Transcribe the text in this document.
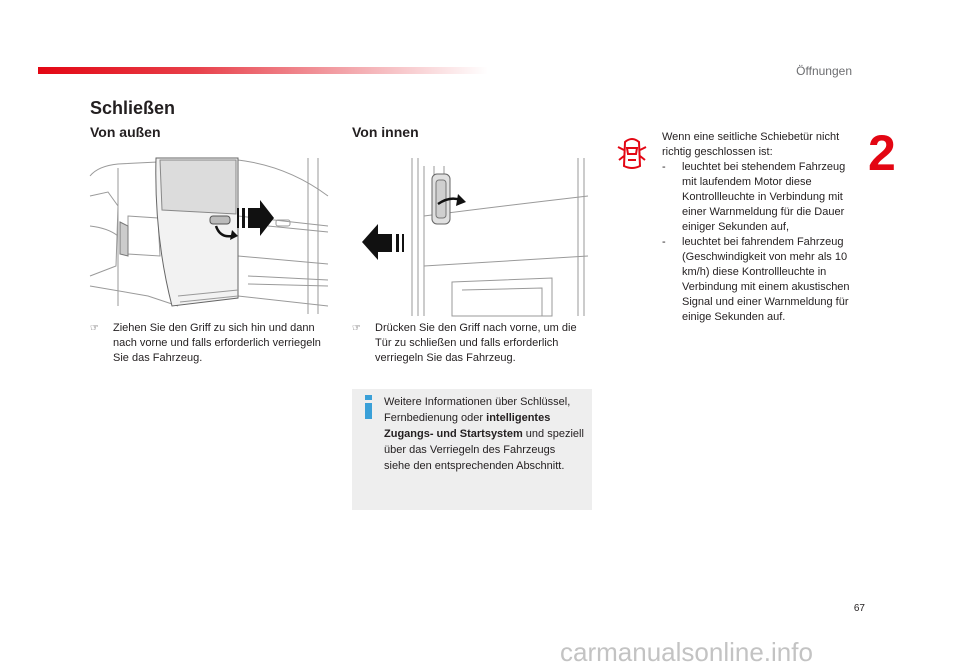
Öffnungen
2
Schließen
Von außen	Von innen
☞ Ziehen Sie den Griff zu sich hin und dann nach vorne und falls erforderlich verriegeln Sie das Fahrzeug.

☞ Drücken Sie den Griff nach vorne, um die Tür zu schließen und falls erforderlich verriegeln Sie das Fahrzeug.

Weitere Informationen über Schlüssel, Fernbedienung oder intelligentes Zugangs- und Startsystem und speziell über das Verriegeln des Fahrzeugs siehe den entsprechenden Abschnitt.

Wenn eine seitliche Schiebetür nicht richtig geschlossen ist:

- leuchtet bei stehendem Fahrzeug mit laufendem Motor diese Kontrollleuchte in Verbindung mit einer Warnmeldung für die Dauer einiger Sekunden auf,

- leuchtet bei fahrendem Fahrzeug (Geschwindigkeit von mehr als 10 km/h) diese Kontrollleuchte in Verbindung mit einem akustischen Signal und einer Warnmeldung für einige Sekunden auf.

67
carmanualsonline.info
